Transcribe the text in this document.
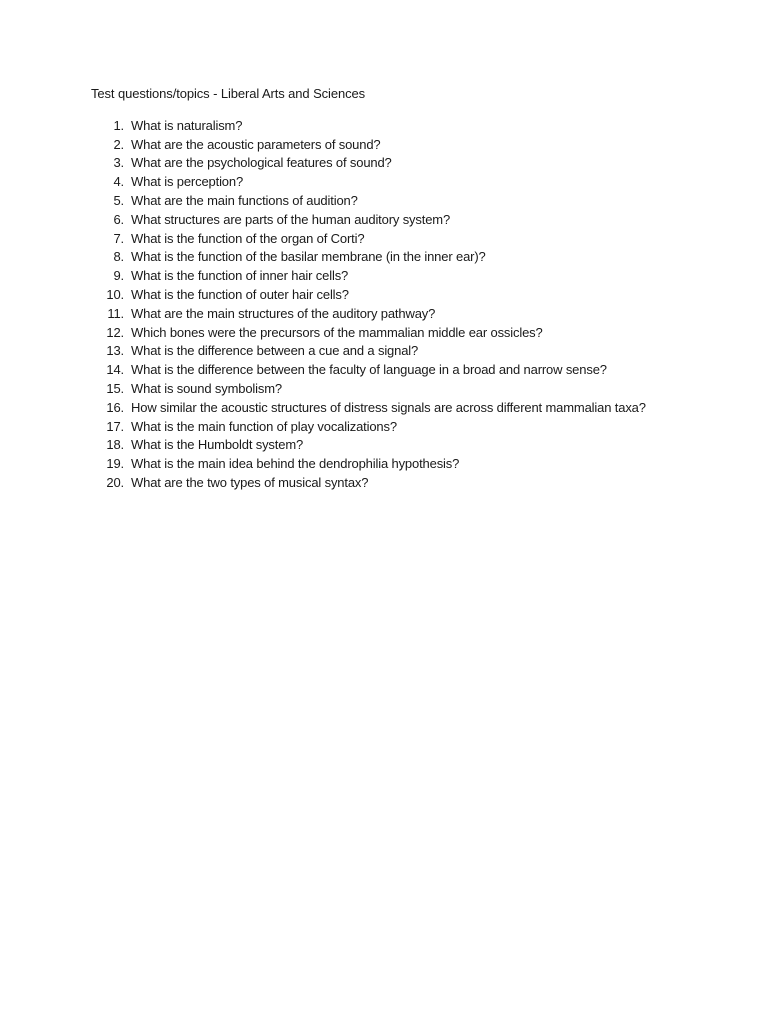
Test questions/topics - Liberal Arts and Sciences
1. What is naturalism?
2. What are the acoustic parameters of sound?
3. What are the psychological features of sound?
4. What is perception?
5. What are the main functions of audition?
6. What structures are parts of the human auditory system?
7. What is the function of the organ of Corti?
8. What is the function of the basilar membrane (in the inner ear)?
9. What is the function of inner hair cells?
10. What is the function of outer hair cells?
11. What are the main structures of the auditory pathway?
12. Which bones were the precursors of the mammalian middle ear ossicles?
13. What is the difference between a cue and a signal?
14. What is the difference between the faculty of language in a broad and narrow sense?
15. What is sound symbolism?
16. How similar the acoustic structures of distress signals are across different mammalian taxa?
17. What is the main function of play vocalizations?
18. What is the Humboldt system?
19. What is the main idea behind the dendrophilia hypothesis?
20. What are the two types of musical syntax?
